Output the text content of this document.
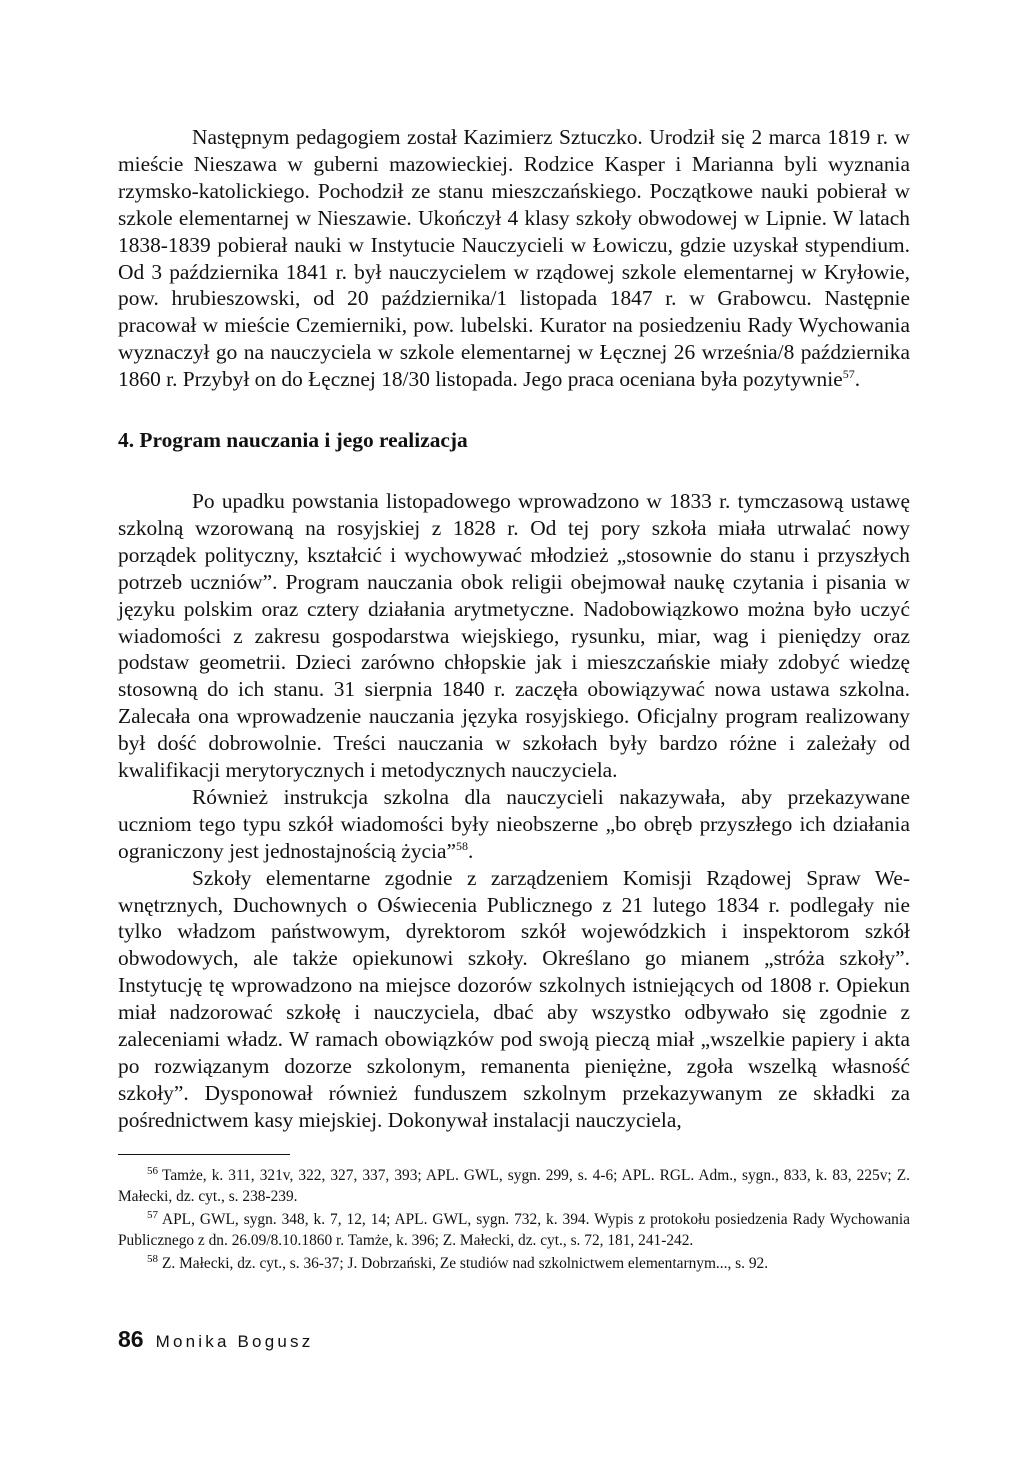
Następnym pedagogiem został Kazimierz Sztuczko. Urodził się 2 marca 1819 r. w mieście Nieszawa w guberni mazowieckiej. Rodzice Kasper i Marianna byli wyznania rzymsko-katolickiego. Pochodził ze stanu mieszczańskiego. Początkowe nauki pobierał w szkole elementarnej w Nieszawie. Ukończył 4 klasy szkoły obwodowej w Lipnie. W latach 1838-1839 pobierał nauki w Instytucie Nauczycieli w Łowiczu, gdzie uzyskał stypendium. Od 3 października 1841 r. był nauczycielem w rządowej szkole elementarnej w Kryłowie, pow. hrubieszowski, od 20 października/1 listopada 1847 r. w Grabowcu. Następnie pracował w mieście Czemierniki, pow. lubelski. Kurator na posiedzeniu Rady Wychowania wyznaczył go na nauczyciela w szkole elementarnej w Łęcznej 26 września/8 października 1860 r. Przybył on do Łęcznej 18/30 listopada. Jego praca oceniana była pozytywnie$^{57}$.

4. Program nauczania i jego realizacja

Po upadku powstania listopadowego wprowadzono w 1833 r. tymczasową ustawę szkolną wzorowaną na rosyjskiej z 1828 r. Od tej pory szkoła miała utrwalać nowy porządek polityczny, kształcić i wychowywać młodzież „stosownie do stanu i przyszłych potrzeb uczniów”. Program nauczania obok religii obejmował naukę czytania i pisania w języku polskim oraz cztery działania arytmetyczne. Nadobowiązkowo można było uczyć wiadomości z zakresu gospodarstwa wiejskiego, rysunku, miar, wag i pieniędzy oraz podstaw geometrii. Dzieci zarówno chłopskie jak i mieszczańskie miały zdobyć wiedzę stosowną do ich stanu. 31 sierpnia 1840 r. zaczęła obowiązywać nowa ustawa szkolna. Zalecała ona wprowadzenie nauczania języka rosyjskiego. Oficjalny program realizowany był dość dobrowolnie. Treści nauczania w szkołach były bardzo różne i zależały od kwalifikacji merytorycznych i metodycznych nauczyciela.

Również instrukcja szkolna dla nauczycieli nakazywała, aby przekazywane uczniom tego typu szkół wiadomości były nieobszerne „bo obręb przyszłego ich działania ograniczony jest jednostajnością życia”$^{58}$.

Szkoły elementarne zgodnie z zarządzeniem Komisji Rządowej Spraw Wewnętrznych, Duchownych o Oświecenia Publicznego z 21 lutego 1834 r. podlegały nie tylko władzom państwowym, dyrektorom szkół wojewódzkich i inspektorom szkół obwodowych, ale także opiekunowi szkoły. Określano go mianem „stróża szkoły”. Instytucję tę wprowadzono na miejsce dozorów szkolnych istniejących od 1808 r. Opiekun miał nadzorować szkołę i nauczyciela, dbać aby wszystko odbywało się zgodnie z zaleceniami władz. W ramach obowiązków pod swoją pieczą miał „wszelkie papiery i akta po rozwiązanym dozorze szkolonym, remanenta pieniężne, zgoła wszelką własność szkoły”. Dysponował również funduszem szkolnym przekazywanym ze składki za pośrednictwem kasy miejskiej. Dokonywał instalacji nauczyciela,

$^{56}$ Tamże, k. 311, 321v, 322, 327, 337, 393; APL. GWL, sygn. 299, s. 4-6; APL. RGL. Adm., sygn., 833, k. 83, 225v; Z. Małecki, dz. cyt., s. 238-239.

$^{57}$ APL, GWL, sygn. 348, k. 7, 12, 14; APL. GWL, sygn. 732, k. 394. Wypis z protokołu posiedzenia Rady Wychowania Publicznego z dn. 26.09/8.10.1860 r. Tamże, k. 396; Z. Małecki, dz. cyt., s. 72, 181, 241-242.

$^{58}$ Z. Małecki, dz. cyt., s. 36-37; J. Dobrzański, Ze studiów nad szkolnictwem elementarnym..., s. 92.

86 Monika Bogusz
